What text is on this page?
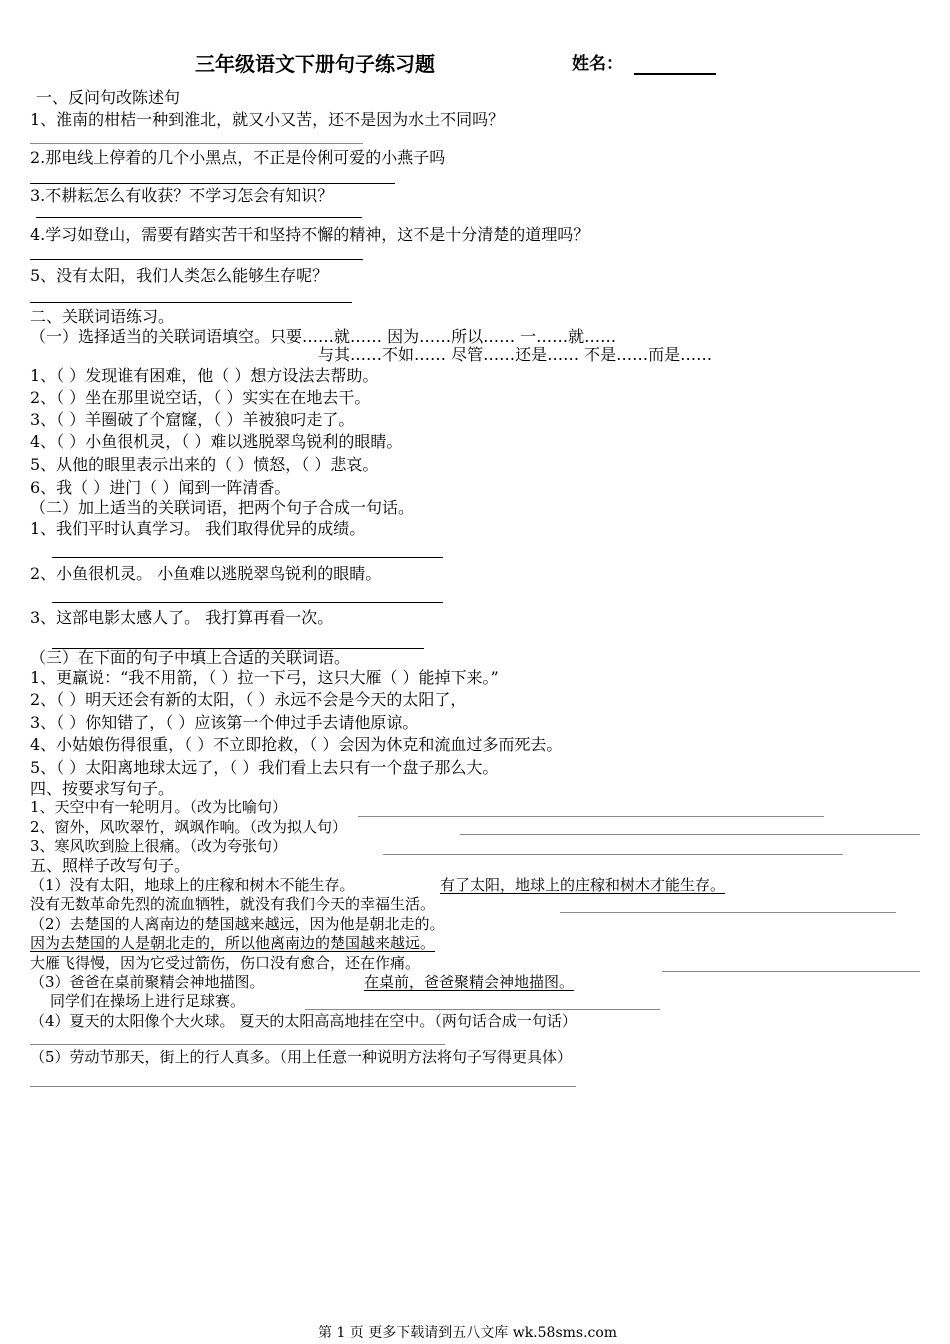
三年级语文下册句子练习题	姓名：
一、反问句改陈述句
1、淮南的柑桔一种到淮北，就又小又苦，还不是因为水土不同吗？
2.那电线上停着的几个小黑点，不正是伶俐可爱的小燕子吗
3.不耕耘怎么有收获？不学习怎会有知识？
4.学习如登山，需要有踏实苦干和坚持不懈的精神，这不是十分清楚的道理吗？
5、没有太阳，我们人类怎么能够生存呢？
二、关联词语练习。
（一）选择适当的关联词语填空。只要……就…… 因为……所以…… 一……就……
与其……不如…… 尽管……还是…… 不是……而是……
1、（ ）发现谁有困难，他（ ）想方设法去帮助。
2、（ ）坐在那里说空话，（ ）实实在在地去干。
3、（ ）羊圈破了个窟窿，（ ）羊被狼叼走了。
4、（ ）小鱼很机灵，（ ）难以逃脱翠鸟锐利的眼睛。
5、从他的眼里表示出来的（ ）愤怒，（ ）悲哀。
6、我（ ）进门（ ）闻到一阵清香。
（二）加上适当的关联词语，把两个句子合成一句话。
1、我们平时认真学习。 我们取得优异的成绩。
2、小鱼很机灵。 小鱼难以逃脱翠鸟锐利的眼睛。
3、这部电影太感人了。 我打算再看一次。
（三）在下面的句子中填上合适的关联词语。
1、更羸说：“我不用箭，（ ）拉一下弓，这只大雁（ ）能掉下来。”
2、（ ）明天还会有新的太阳，（ ）永远不会是今天的太阳了，
3、（ ）你知错了，（ ）应该第一个伸过手去请他原谅。
4、小姑娘伤得很重，（ ）不立即抢救，（ ）会因为休克和流血过多而死去。
5、（ ）太阳离地球太远了，（ ）我们看上去只有一个盘子那么大。
四、按要求写句子。
1、天空中有一轮明月。（改为比喻句）
2、窗外，风吹翠竹，飒飒作响。（改为拟人句）
3、寒风吹到脸上很痛。（改为夸张句）
五、照样子改写句子。
（1）没有太阳，地球上的庄稼和树木不能生存。	有了太阳，地球上的庄稼和树木才能生存。
没有无数革命先烈的流血牺牲，就没有我们今天的幸福生活。
（2）去楚国的人离南边的楚国越来越远，因为他是朝北走的。
因为去楚国的人是朝北走的，所以他离南边的楚国越来越远。
大雁飞得慢，因为它受过箭伤，伤口没有愈合，还在作痛。
（3）爸爸在桌前聚精会神地描图。	在桌前，爸爸聚精会神地描图。
同学们在操场上进行足球赛。
（4）夏天的太阳像个大火球。 夏天的太阳高高地挂在空中。（两句话合成一句话）
（5）劳动节那天，街上的行人真多。（用上任意一种说明方法将句子写得更具体）
第 1 页 更多下载请到五八文库 wk.58sms.com
